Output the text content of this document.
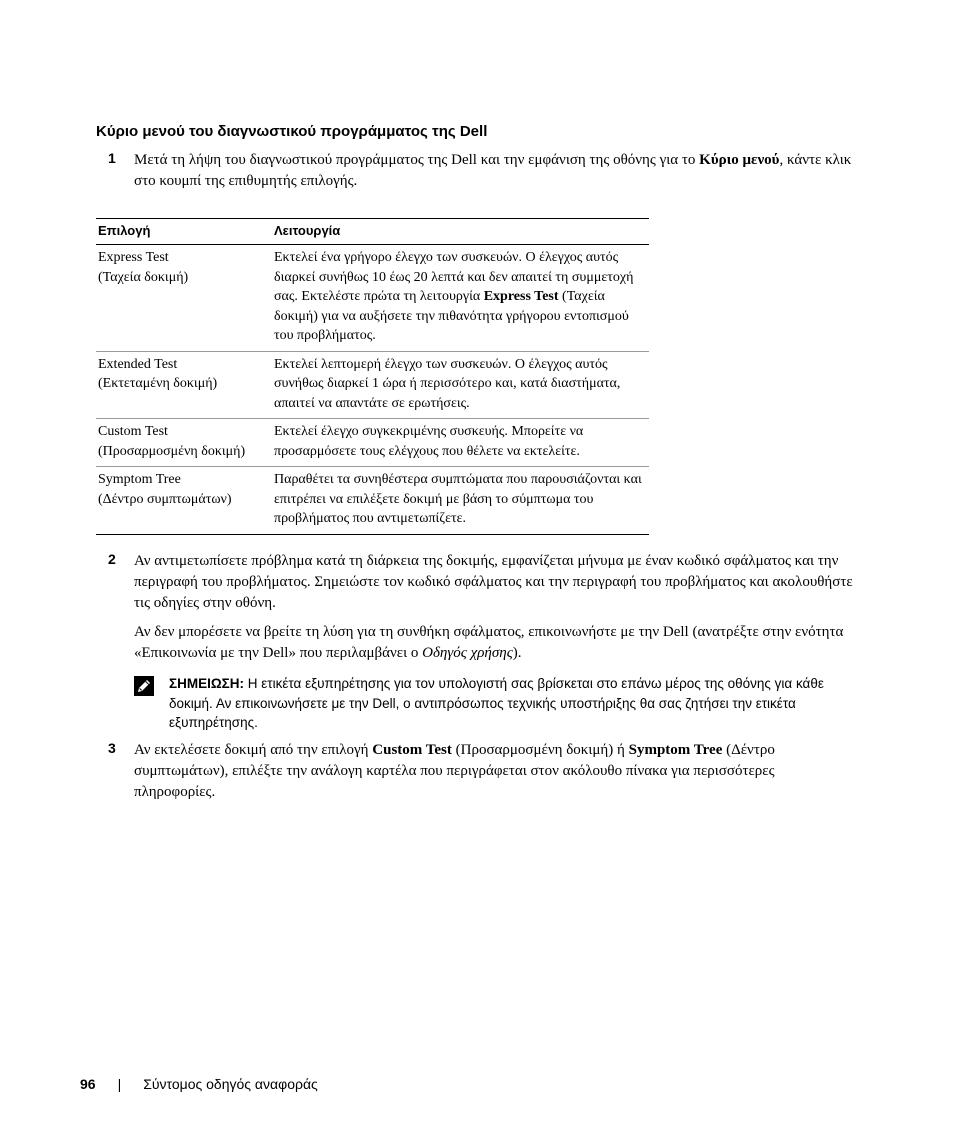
Κύριο μενού του διαγνωστικού προγράμματος της Dell
1 Μετά τη λήψη του διαγνωστικού προγράμματος της Dell και την εμφάνιση της οθόνης για το Κύριο μενού, κάντε κλικ στο κουμπί της επιθυμητής επιλογής.
Επιλογή	Λειτουργία
Express Test
(Ταχεία δοκιμή)	Εκτελεί ένα γρήγορο έλεγχο των συσκευών. Ο έλεγχος αυτός διαρκεί συνήθως 10 έως 20 λεπτά και δεν απαιτεί τη συμμετοχή σας. Εκτελέστε πρώτα τη λειτουργία Express Test (Ταχεία δοκιμή) για να αυξήσετε την πιθανότητα γρήγορου εντοπισμού του προβλήματος.
Extended Test
(Εκτεταμένη δοκιμή)	Εκτελεί λεπτομερή έλεγχο των συσκευών. Ο έλεγχος αυτός συνήθως διαρκεί 1 ώρα ή περισσότερο και, κατά διαστήματα, απαιτεί να απαντάτε σε ερωτήσεις.
Custom Test
(Προσαρμοσμένη δοκιμή)	Εκτελεί έλεγχο συγκεκριμένης συσκευής. Μπορείτε να προσαρμόσετε τους ελέγχους που θέλετε να εκτελείτε.
Symptom Tree
(Δέντρο συμπτωμάτων)	Παραθέτει τα συνηθέστερα συμπτώματα που παρουσιάζονται και επιτρέπει να επιλέξετε δοκιμή με βάση το σύμπτωμα του προβλήματος που αντιμετωπίζετε.
2 Αν αντιμετωπίσετε πρόβλημα κατά τη διάρκεια της δοκιμής, εμφανίζεται μήνυμα με έναν κωδικό σφάλματος και την περιγραφή του προβλήματος. Σημειώστε τον κωδικό σφάλματος και την περιγραφή του προβλήματος και ακολουθήστε τις οδηγίες στην οθόνη.

Αν δεν μπορέσετε να βρείτε τη λύση για τη συνθήκη σφάλματος, επικοινωνήστε με την Dell (ανατρέξτε στην ενότητα «Επικοινωνία με την Dell» που περιλαμβάνει ο Οδηγός χρήσης).

ΣΗΜΕΙΩΣΗ: Η ετικέτα εξυπηρέτησης για τον υπολογιστή σας βρίσκεται στο επάνω μέρος της οθόνης για κάθε δοκιμή. Αν επικοινωνήσετε με την Dell, ο αντιπρόσωπος τεχνικής υποστήριξης θα σας ζητήσει την ετικέτα εξυπηρέτησης.
3 Αν εκτελέσετε δοκιμή από την επιλογή Custom Test (Προσαρμοσμένη δοκιμή) ή Symptom Tree (Δέντρο συμπτωμάτων), επιλέξτε την ανάλογη καρτέλα που περιγράφεται στον ακόλουθο πίνακα για περισσότερες πληροφορίες.
96 | Σύντομος οδηγός αναφοράς
